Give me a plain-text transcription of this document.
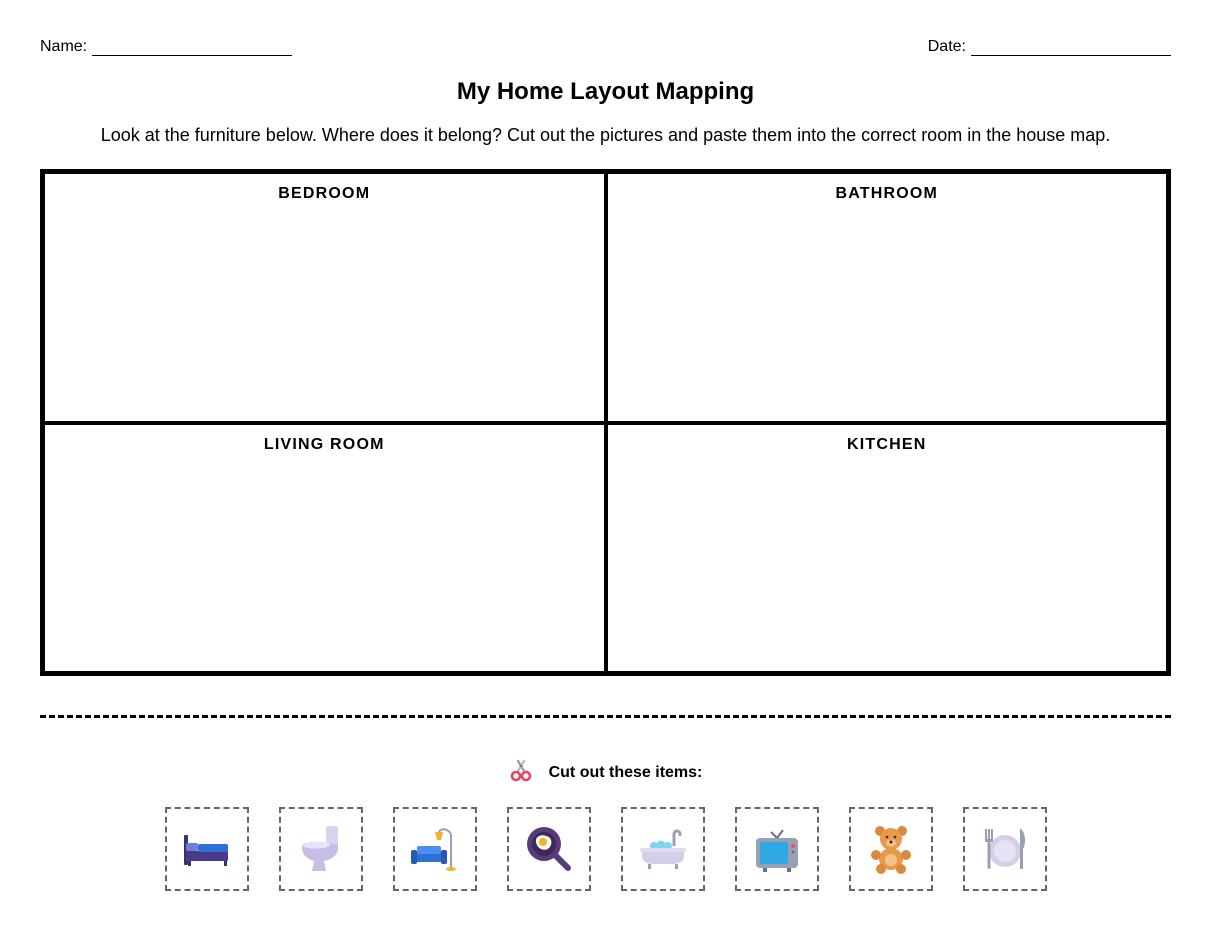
Name:	Date:
My Home Layout Mapping

Look at the furniture below. Where does it belong? Cut out the pictures and paste them into the correct room in the house map.

BEDROOM	BATHROOM
LIVING ROOM	KITCHEN
Cut out these items:
